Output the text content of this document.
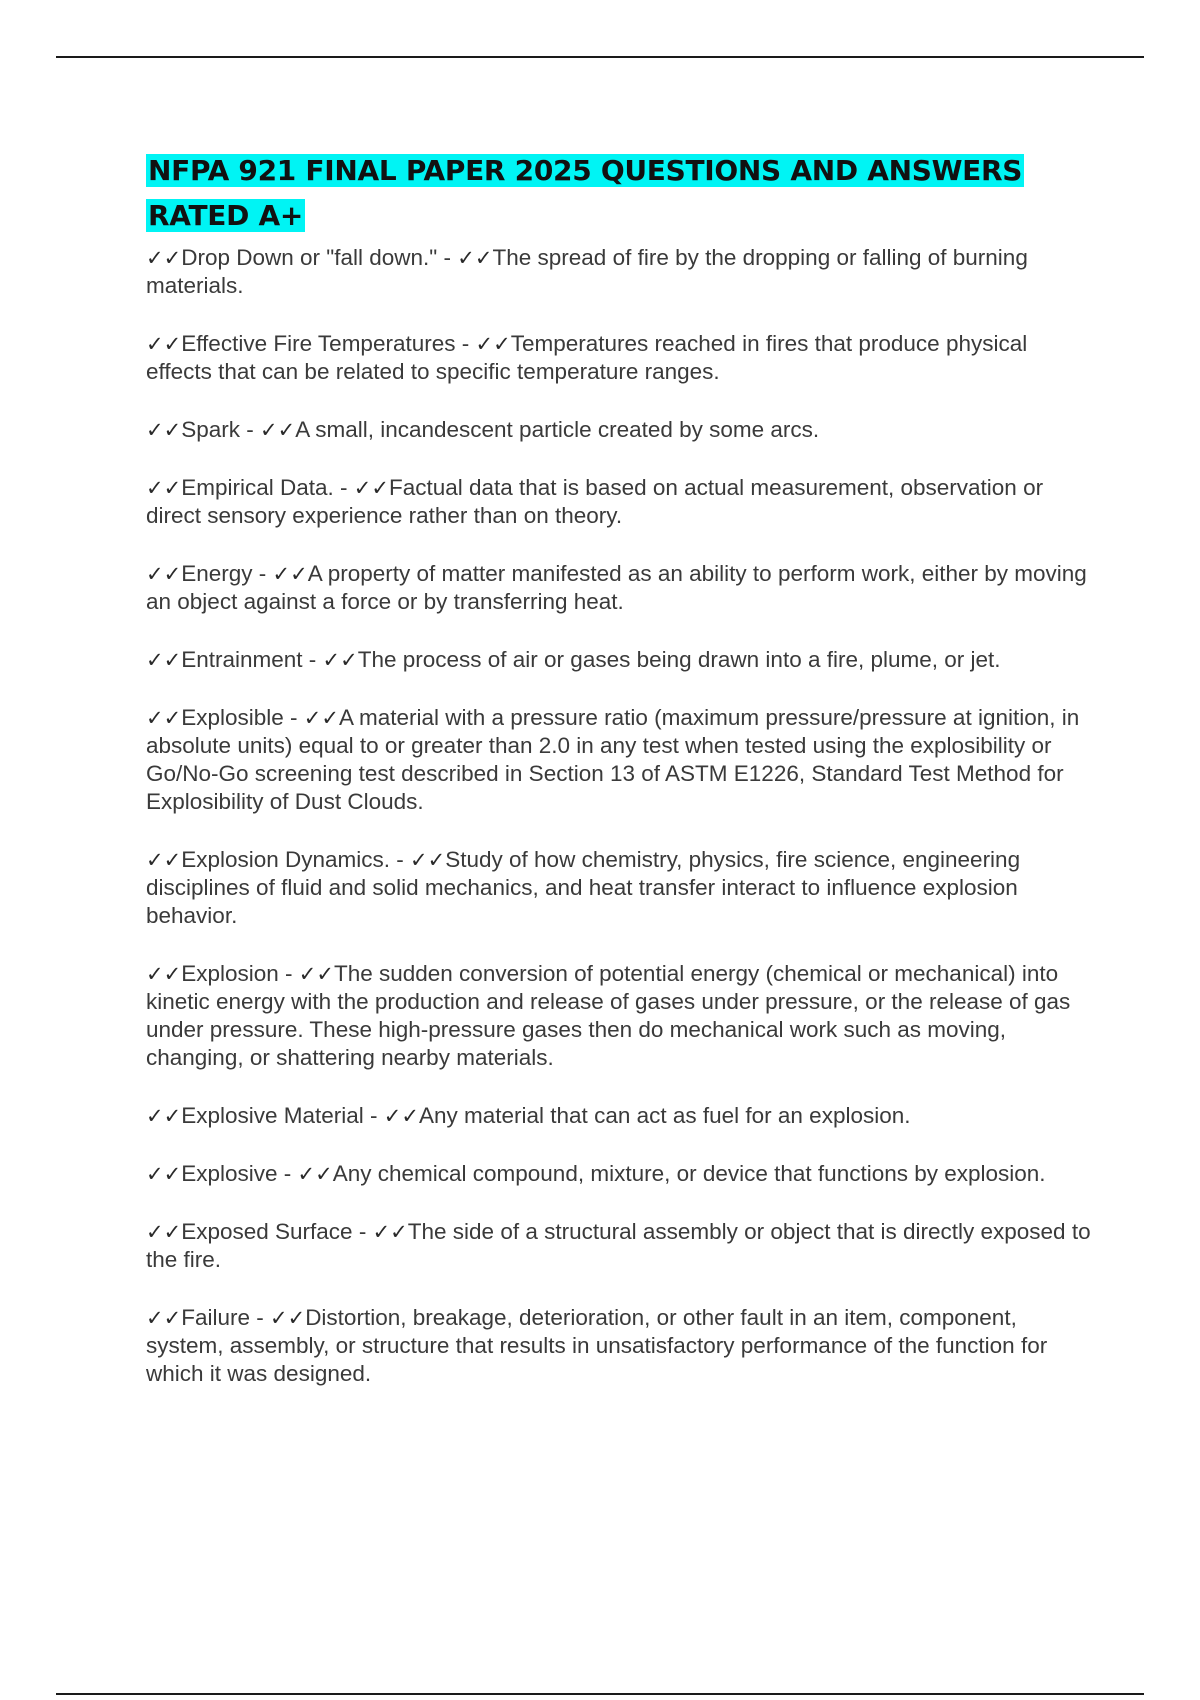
NFPA 921 FINAL PAPER 2025 QUESTIONS AND ANSWERS RATED A+

✓✓Drop Down or "fall down." - ✓✓The spread of fire by the dropping or falling of burning materials.

✓✓Effective Fire Temperatures - ✓✓Temperatures reached in fires that produce physical effects that can be related to specific temperature ranges.

✓✓Spark - ✓✓A small, incandescent particle created by some arcs.

✓✓Empirical Data. - ✓✓Factual data that is based on actual measurement, observation or direct sensory experience rather than on theory.

✓✓Energy - ✓✓A property of matter manifested as an ability to perform work, either by moving an object against a force or by transferring heat.

✓✓Entrainment - ✓✓The process of air or gases being drawn into a fire, plume, or jet.

✓✓Explosible - ✓✓A material with a pressure ratio (maximum pressure/pressure at ignition, in absolute units) equal to or greater than 2.0 in any test when tested using the explosibility or Go/No-Go screening test described in Section 13 of ASTM E1226, Standard Test Method for Explosibility of Dust Clouds.

✓✓Explosion Dynamics. - ✓✓Study of how chemistry, physics, fire science, engineering disciplines of fluid and solid mechanics, and heat transfer interact to influence explosion behavior.

✓✓Explosion - ✓✓The sudden conversion of potential energy (chemical or mechanical) into kinetic energy with the production and release of gases under pressure, or the release of gas under pressure. These high-pressure gases then do mechanical work such as moving, changing, or shattering nearby materials.

✓✓Explosive Material - ✓✓Any material that can act as fuel for an explosion.

✓✓Explosive - ✓✓Any chemical compound, mixture, or device that functions by explosion.

✓✓Exposed Surface - ✓✓The side of a structural assembly or object that is directly exposed to the fire.

✓✓Failure - ✓✓Distortion, breakage, deterioration, or other fault in an item, component, system, assembly, or structure that results in unsatisfactory performance of the function for which it was designed.
